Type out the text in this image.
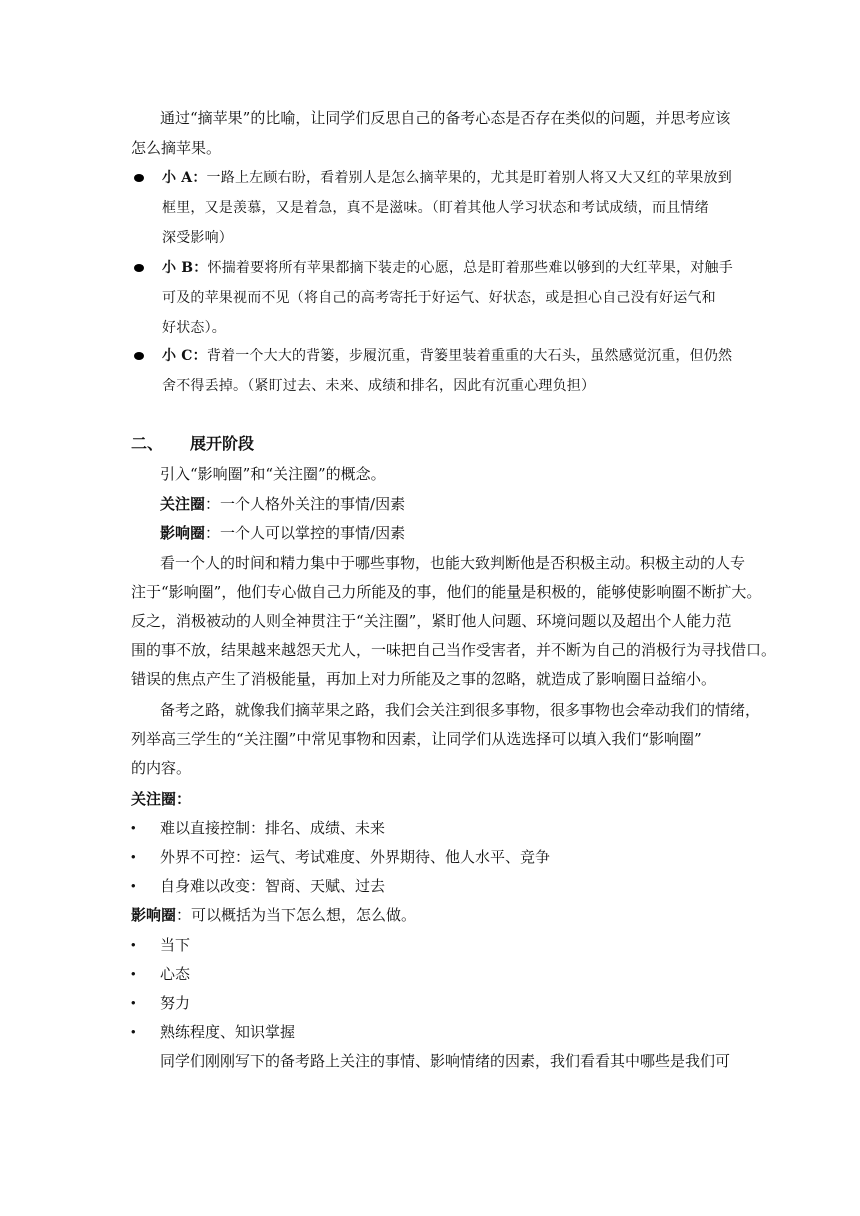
通过“摘苹果”的比喻，让同学们反思自己的备考心态是否存在类似的问题，并思考应该
怎么摘苹果。
小 A：一路上左顾右盼，看着别人是怎么摘苹果的，尤其是盯着别人将又大又红的苹果放到
框里，又是羡慕，又是着急，真不是滋味。（盯着其他人学习状态和考试成绩，而且情绪
深受影响）
小 B：怀揣着要将所有苹果都摘下装走的心愿，总是盯着那些难以够到的大红苹果，对触手
可及的苹果视而不见（将自己的高考寄托于好运气、好状态，或是担心自己没有好运气和
好状态）。
小 C：背着一个大大的背篓，步履沉重，背篓里装着重重的大石头，虽然感觉沉重，但仍然
舍不得丢掉。（紧盯过去、未来、成绩和排名，因此有沉重心理负担）
二、 展开阶段
引入“影响圈”和“关注圈”的概念。
关注圈：一个人格外关注的事情/因素
影响圈：一个人可以掌控的事情/因素
看一个人的时间和精力集中于哪些事物，也能大致判断他是否积极主动。积极主动的人专
注于“影响圈”，他们专心做自己力所能及的事，他们的能量是积极的，能够使影响圈不断扩大。
反之，消极被动的人则全神贯注于“关注圈”，紧盯他人问题、环境问题以及超出个人能力范
围的事不放，结果越来越怨天尤人，一味把自己当作受害者，并不断为自己的消极行为寻找借口。
错误的焦点产生了消极能量，再加上对力所能及之事的忽略，就造成了影响圈日益缩小。
备考之路，就像我们摘苹果之路，我们会关注到很多事物，很多事物也会牵动我们的情绪，
列举高三学生的“关注圈”中常见事物和因素，让同学们从选选择可以填入我们“影响圈”
的内容。
关注圈：
• 难以直接控制：排名、成绩、未来
• 外界不可控：运气、考试难度、外界期待、他人水平、竞争
• 自身难以改变：智商、天赋、过去
影响圈：可以概括为当下怎么想，怎么做。
• 当下
• 心态
• 努力
• 熟练程度、知识掌握
同学们刚刚写下的备考路上关注的事情、影响情绪的因素，我们看看其中哪些是我们可
